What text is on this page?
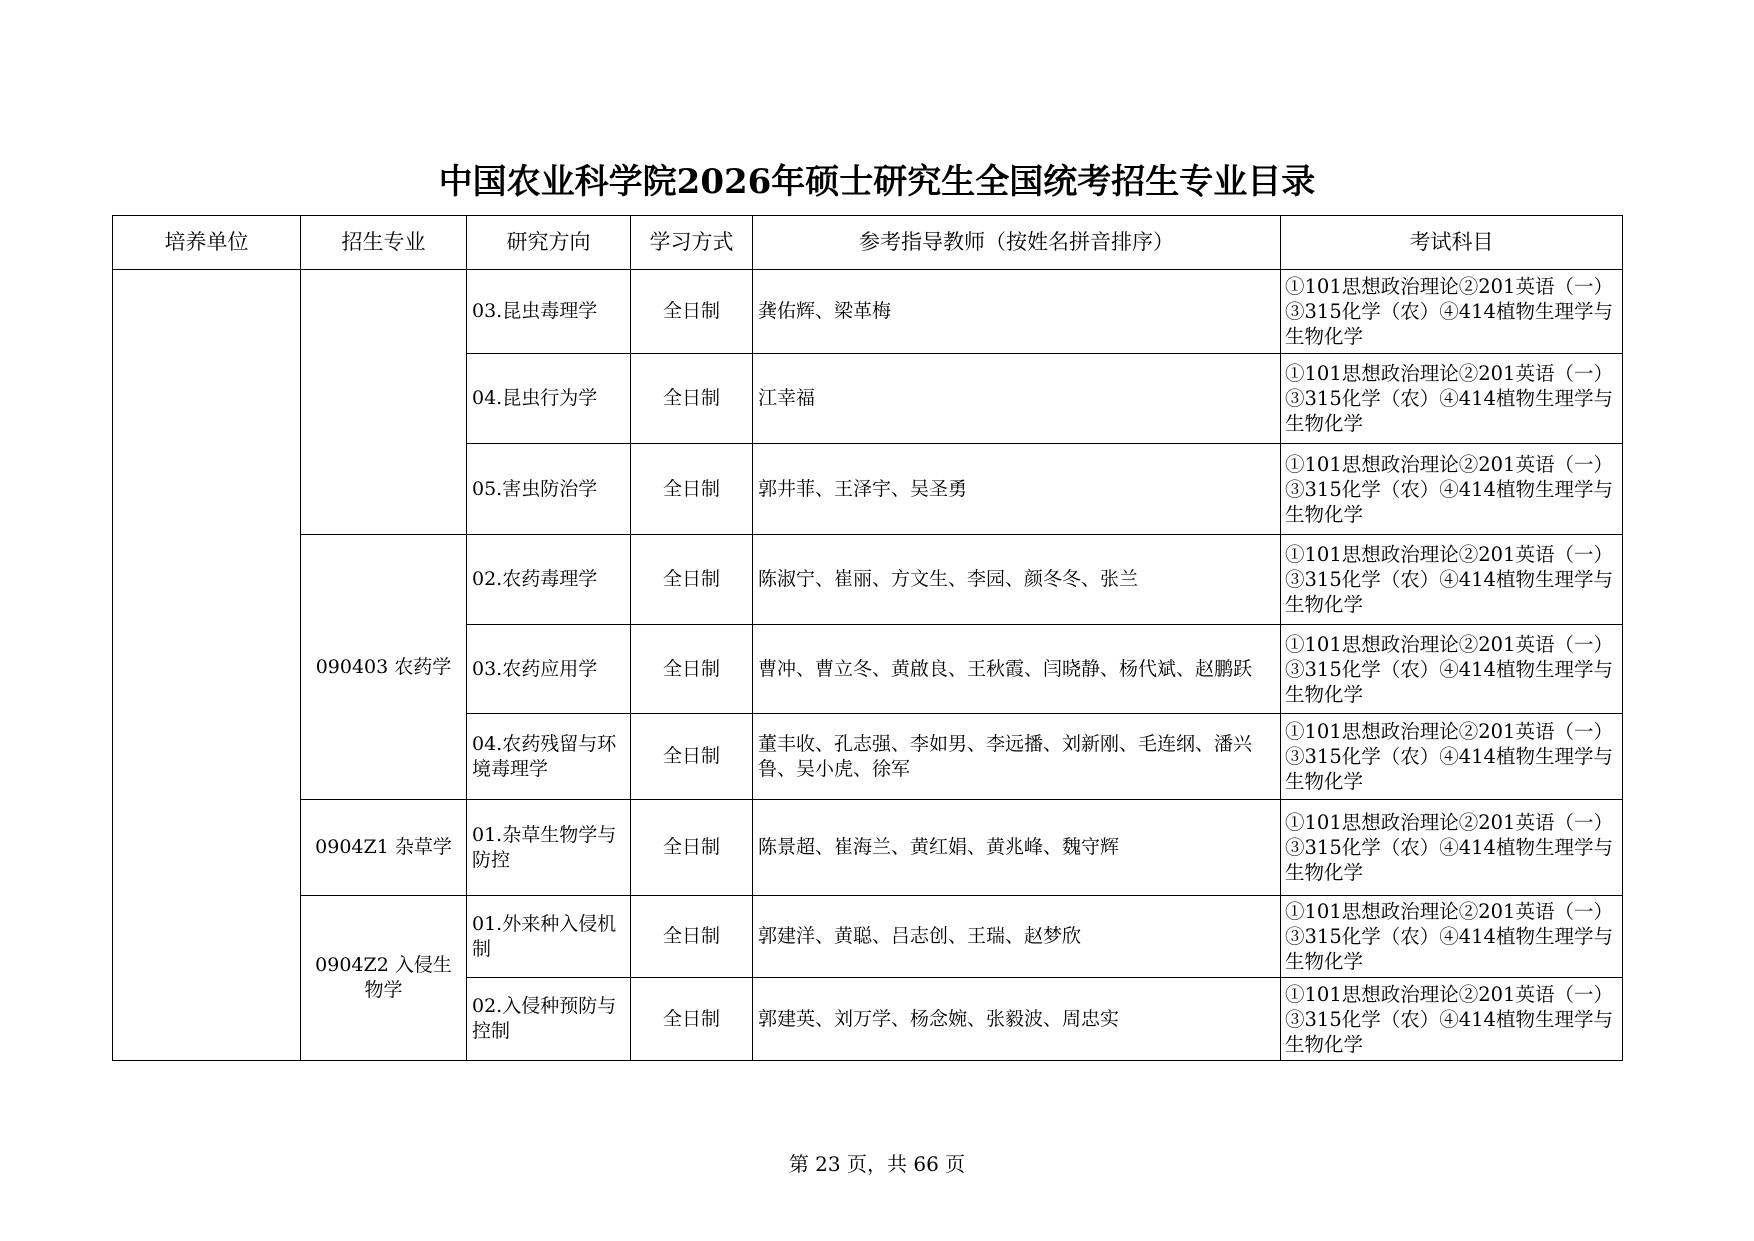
中国农业科学院2026年硕士研究生全国统考招生专业目录
培养单位	招生专业	研究方向	学习方式	参考指导教师（按姓名拼音排序）	考试科目
		03.昆虫毒理学	全日制	龚佑辉、梁革梅	①101思想政治理论②201英语（一）③315化学（农）④414植物生理学与生物化学
		04.昆虫行为学	全日制	江幸福	①101思想政治理论②201英语（一）③315化学（农）④414植物生理学与生物化学
		05.害虫防治学	全日制	郭井菲、王泽宇、吴圣勇	①101思想政治理论②201英语（一）③315化学（农）④414植物生理学与生物化学
	090403 农药学	02.农药毒理学	全日制	陈淑宁、崔丽、方文生、李园、颜冬冬、张兰	①101思想政治理论②201英语（一）③315化学（农）④414植物生理学与生物化学
		03.农药应用学	全日制	曹冲、曹立冬、黄啟良、王秋霞、闫晓静、杨代斌、赵鹏跃	①101思想政治理论②201英语（一）③315化学（农）④414植物生理学与生物化学
		04.农药残留与环境毒理学	全日制	董丰收、孔志强、李如男、李远播、刘新刚、毛连纲、潘兴鲁、吴小虎、徐军	①101思想政治理论②201英语（一）③315化学（农）④414植物生理学与生物化学
	0904Z1 杂草学	01.杂草生物学与防控	全日制	陈景超、崔海兰、黄红娟、黄兆峰、魏守辉	①101思想政治理论②201英语（一）③315化学（农）④414植物生理学与生物化学
	0904Z2 入侵生物学	01.外来种入侵机制	全日制	郭建洋、黄聪、吕志创、王瑞、赵梦欣	①101思想政治理论②201英语（一）③315化学（农）④414植物生理学与生物化学
		02.入侵种预防与控制	全日制	郭建英、刘万学、杨念婉、张毅波、周忠实	①101思想政治理论②201英语（一）③315化学（农）④414植物生理学与生物化学
第 23 页，共 66 页
